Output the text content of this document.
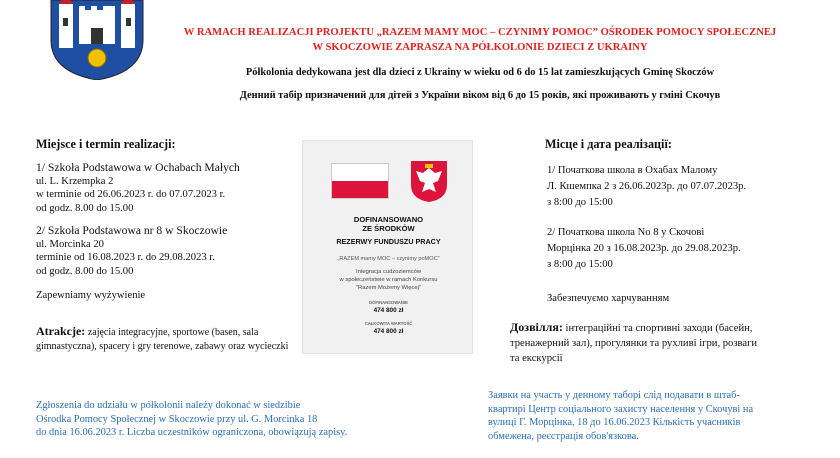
W RAMACH REALIZACJI PROJEKTU „RAZEM MAMY MOC – CZYNIMY POMOC” OŚRODEK POMOCY SPOŁECZNEJ W SKOCZOWIE ZAPRASZA NA PÓŁKOLONIE DZIECI Z UKRAINY
Półkolonia dedykowana jest dla dzieci z Ukrainy w wieku od 6 do 15 lat zamieszkujących Gminę Skoczów
Денний табір призначений для дітей з України віком від 6 до 15 років, які проживають у гміні Скочув
Miejsce i termin realizacji:
1/ Szkoła Podstawowa w Ochabach Małych
ul. L. Krzempka 2
w terminie od 26.06.2023 r. do 07.07.2023 r.
od godz. 8.00 do 15.00
2/ Szkoła Podstawowa nr 8 w Skoczowie
ul. Morcinka 20
terminie od 16.08.2023 r. do 29.08.2023 r.
od godz. 8.00 do 15.00
Zapewniamy wyżywienie
Atrakcje: zajęcia integracyjne, sportowe (basen, sala gimnastyczna), spacery i gry terenowe, zabawy oraz wycieczki
Zgłoszenia do udziału w półkolonii należy dokonać w siedzibie
Ośrodka Pomocy Społecznej w Skoczowie przy ul. G. Morcinka 18
do dnia 16.06.2023 r. Liczba uczestników ograniczona, obowiązują zapisy.
DOFINANSOWANO
ZE ŚRODKÓW
REZERWY FUNDUSZU PRACY
„RAZEM mamy MOC – czynimy poMOC”
Integracja cudzoziemców
w społeczeństwie w ramach Konkursu
"Razem Możemy Więcej"
DOFINANSOWANIE
474 800 zł
CAŁKOWITA WARTOŚĆ
474 800 zł
Місце і дата реалізації:
1/ Початкова школа в Охабах Малому
Л. Кшемпка 2 з 26.06.2023р. до 07.07.2023р.
з 8:00 до 15:00
2/ Початкова школа No 8 у Скочові
Морцінка 20 з 16.08.2023р. до 29.08.2023р.
з 8:00 до 15:00
Забезпечуємо харчуванням
Дозвілля: інтеграційні та спортивні заходи (басейн, тренажерний зал), прогулянки та рухливі ігри, розваги та екскурсії
Заявки на участь у денному таборі слід подавати в штаб-
квартирі Центр соціального захисту населення у Скочуві на
вулиці Г. Морцінка, 18 до 16.06.2023 Кількість учасників
обмежена, реєстрація обов'язкова.
